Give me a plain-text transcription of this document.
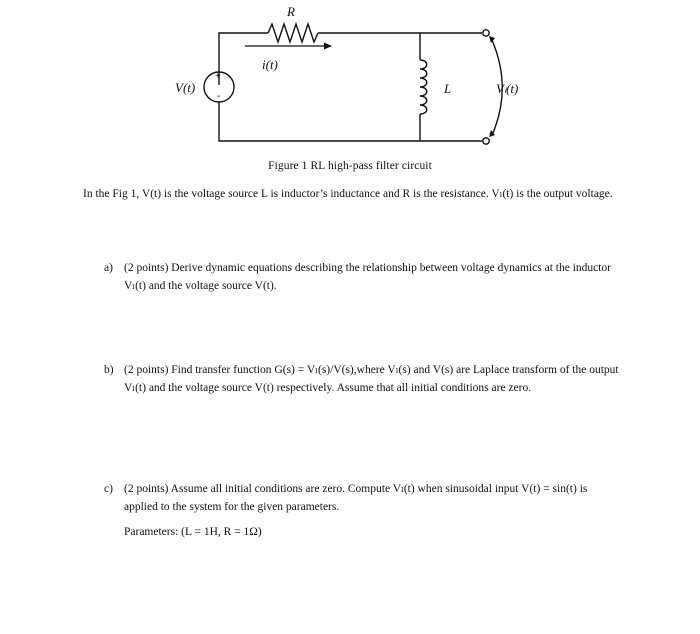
R
i(t)
V(t)
+
-
L	Vₗ(t)
Figure 1 RL high-pass filter circuit
In the Fig 1, V(t) is the voltage source L is inductor’s inductance and R is the resistance. Vₗ(t) is the output voltage.
a) (2 points) Derive dynamic equations describing the relationship between voltage dynamics at the inductor Vₗ(t) and the voltage source V(t).
b) (2 points) Find transfer function G(s) = Vₗ(s)/V(s),where Vₗ(s) and V(s) are Laplace transform of the output Vₗ(t) and the voltage source V(t) respectively. Assume that all initial conditions are zero.
c) (2 points) Assume all initial conditions are zero. Compute Vₗ(t) when sinusoidal input V(t) = sin(t) is applied to the system for the given parameters.
Parameters: (L = 1H, R = 1Ω)
